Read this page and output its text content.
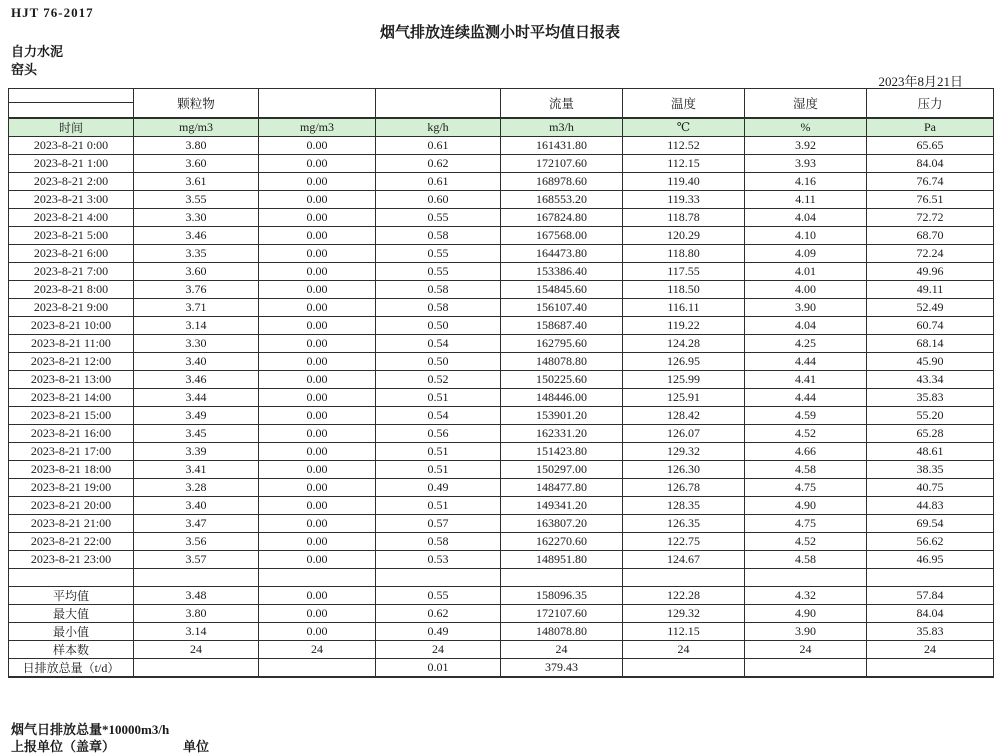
HJT 76-2017
烟气排放连续监测小时平均值日报表
自力水泥
窑头
2023年8月21日
	颗粒物			流量	温度	湿度	压力

时间	mg/m3	mg/m3	kg/h	m3/h	℃	%	Pa
2023-8-21 0:00	3.80	0.00	0.61	161431.80	112.52	3.92	65.65
2023-8-21 1:00	3.60	0.00	0.62	172107.60	112.15	3.93	84.04
2023-8-21 2:00	3.61	0.00	0.61	168978.60	119.40	4.16	76.74
2023-8-21 3:00	3.55	0.00	0.60	168553.20	119.33	4.11	76.51
2023-8-21 4:00	3.30	0.00	0.55	167824.80	118.78	4.04	72.72
2023-8-21 5:00	3.46	0.00	0.58	167568.00	120.29	4.10	68.70
2023-8-21 6:00	3.35	0.00	0.55	164473.80	118.80	4.09	72.24
2023-8-21 7:00	3.60	0.00	0.55	153386.40	117.55	4.01	49.96
2023-8-21 8:00	3.76	0.00	0.58	154845.60	118.50	4.00	49.11
2023-8-21 9:00	3.71	0.00	0.58	156107.40	116.11	3.90	52.49
2023-8-21 10:00	3.14	0.00	0.50	158687.40	119.22	4.04	60.74
2023-8-21 11:00	3.30	0.00	0.54	162795.60	124.28	4.25	68.14
2023-8-21 12:00	3.40	0.00	0.50	148078.80	126.95	4.44	45.90
2023-8-21 13:00	3.46	0.00	0.52	150225.60	125.99	4.41	43.34
2023-8-21 14:00	3.44	0.00	0.51	148446.00	125.91	4.44	35.83
2023-8-21 15:00	3.49	0.00	0.54	153901.20	128.42	4.59	55.20
2023-8-21 16:00	3.45	0.00	0.56	162331.20	126.07	4.52	65.28
2023-8-21 17:00	3.39	0.00	0.51	151423.80	129.32	4.66	48.61
2023-8-21 18:00	3.41	0.00	0.51	150297.00	126.30	4.58	38.35
2023-8-21 19:00	3.28	0.00	0.49	148477.80	126.78	4.75	40.75
2023-8-21 20:00	3.40	0.00	0.51	149341.20	128.35	4.90	44.83
2023-8-21 21:00	3.47	0.00	0.57	163807.20	126.35	4.75	69.54
2023-8-21 22:00	3.56	0.00	0.58	162270.60	122.75	4.52	56.62
2023-8-21 23:00	3.57	0.00	0.53	148951.80	124.67	4.58	46.95

平均值	3.48	0.00	0.55	158096.35	122.28	4.32	57.84
最大值	3.80	0.00	0.62	172107.60	129.32	4.90	84.04
最小值	3.14	0.00	0.49	148078.80	112.15	3.90	35.83
样本数	24	24	24	24	24	24	24
日排放总量（t/d）			0.01	379.43			
烟气日排放总量*10000m3/h
上报单位（盖章）	单位
